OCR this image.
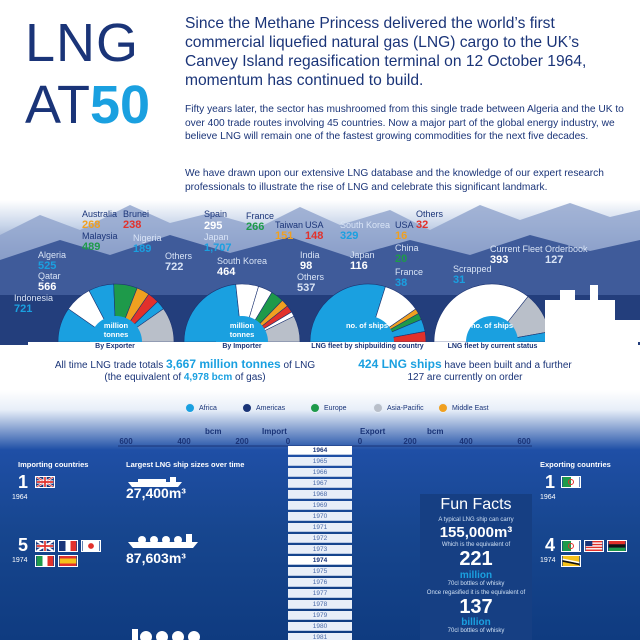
LNG
AT50
Since the Methane Princess delivered the world’s first commercial liquefied natural gas (LNG) cargo to the UK’s Canvey Island regasification terminal on 12 October 1964, momentum has continued to build.
Fifty years later, the sector has mushroomed from this single trade between Algeria and the UK to over 400 trade routes involving 45 countries. Now a major part of the global energy industry, we believe LNG will remain one of the fastest growing commodities for the next five decades.
We have drawn upon our extensive LNG database and the knowledge of our expert research professionals to illustrate the rise of LNG and celebrate this significant landmark.
Indonesia
721
Qatar
566
Algeria
525
Malaysia
489
Australia
268
Brunei
238
Nigeria
189
Others
722
Spain
295
Japan
1,707
France
266
South Korea
464
Taiwan
151
USA
148
India
98
Others
537
South Korea
329
Japan
116
USA
16
Others
32
China
20
France
38
Current Fleet
393
Orderbook
127
Scrapped
31
million tonnes
million tonnes
no. of ships	no. of ships
By Exporter	By Importer	LNG fleet by shipbuilding country	LNG fleet by current status
All time LNG trade totals 3,667 million tonnes of LNG
(the equivalent of 4,978 bcm of gas)
424 LNG ships have been built and a further
127 are currently on order
Africa	Americas	Europe	Asia-Pacific	Middle East
bcm	Import	Export	bcm
600	400	200	0	0	200	400	600
1964
1965
1966
1967
1968
1969
1970
1971
1972
1973
1974
1975
1976
1977
1978
1979
1980
1981
Importing countries
1
1964
5
1974
Largest LNG ship sizes over time
27,400m³
87,603m³
Exporting countries
1
1964
4
1974
Fun Facts
A typical LNG ship can carry
155,000m³
Which is the equivalent of
221
million
70cl bottles of whisky
Once regasified it is the equivalent of
137
billion
70cl bottles of whisky
